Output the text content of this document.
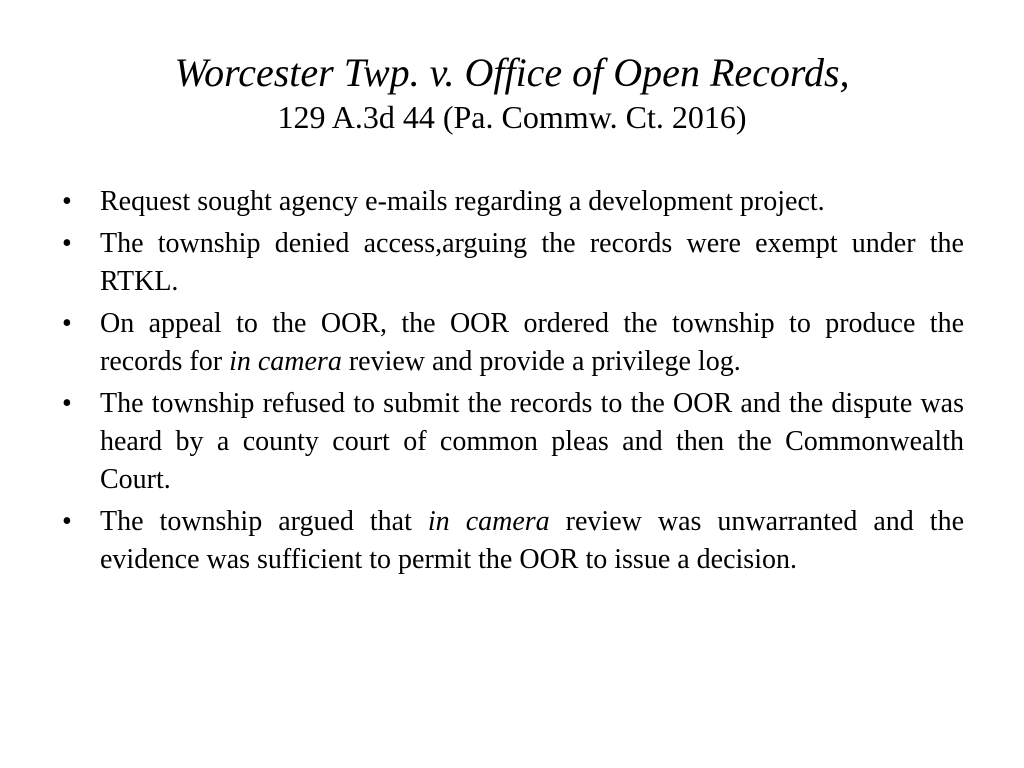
Worcester Twp. v. Office of Open Records,
129 A.3d 44 (Pa. Commw. Ct. 2016)
•	Request sought agency e-mails regarding a development project.
•	The township denied access,arguing the records were exempt under the RTKL.
•	On appeal to the OOR, the OOR ordered the township to produce the records for in camera review and provide a privilege log.
•	The township refused to submit the records to the OOR and the dispute was heard by a county court of common pleas and then the Commonwealth Court.
•	The township argued that in camera review was unwarranted and the evidence was sufficient to permit the OOR to issue a decision.
